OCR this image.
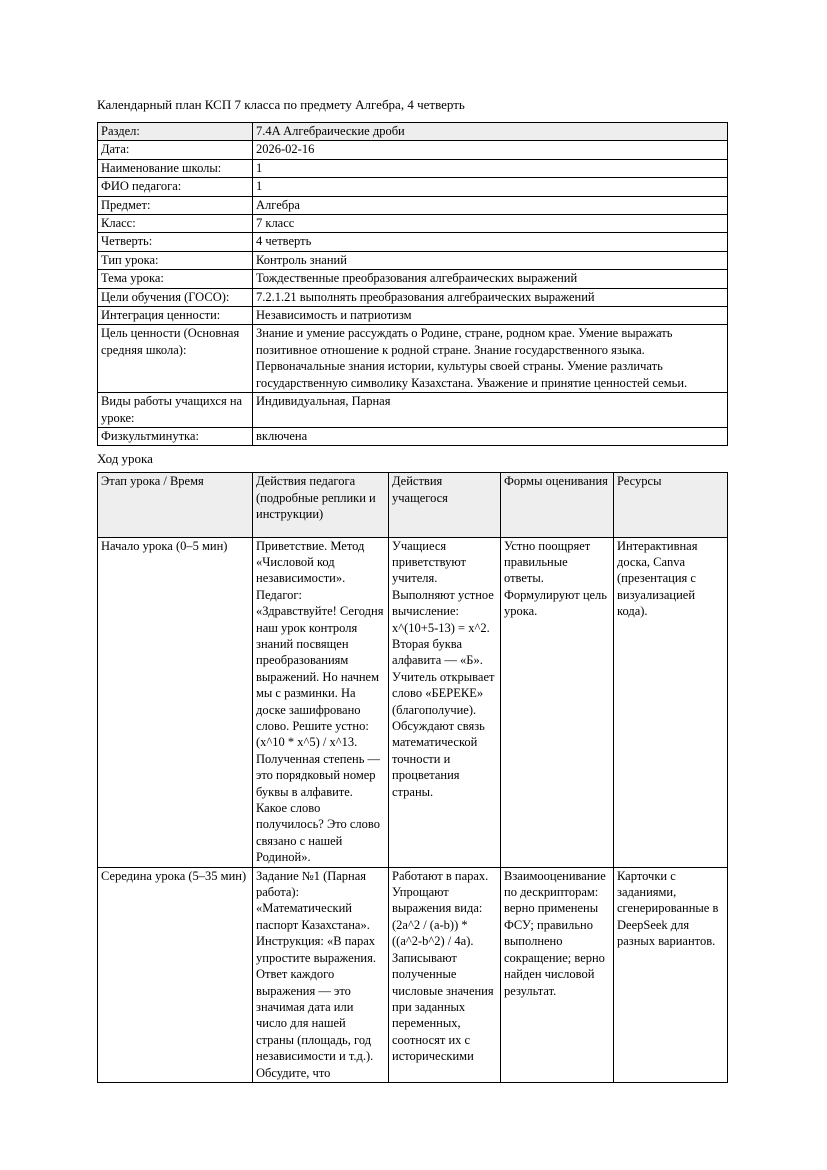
Календарный план КСП 7 класса по предмету Алгебра, 4 четверть
Раздел:	7.4A Алгебраические дроби
Дата:	2026-02-16
Наименование школы:	1
ФИО педагога:	1
Предмет:	Алгебра
Класс:	7 класс
Четверть:	4 четверть
Тип урока:	Контроль знаний
Тема урока:	Тождественные преобразования алгебраических выражений
Цели обучения (ГОСО):	7.2.1.21 выполнять преобразования алгебраических выражений
Интеграция ценности:	Независимость и патриотизм
Цель ценности (Основная средняя школа):	Знание и умение рассуждать о Родине, стране, родном крае. Умение выражать позитивное отношение к родной стране. Знание государственного языка. Первоначальные знания истории, культуры своей страны. Умение различать государственную символику Казахстана. Уважение и принятие ценностей семьи.
Виды работы учащихся на уроке:	Индивидуальная, Парная
Физкультминутка:	включена
Ход урока
Этап урока / Время	Действия педагога (подробные реплики и инструкции)	Действия учащегося	Формы оценивания	Ресурсы
Начало урока (0–5 мин)	Приветствие. Метод «Числовой код независимости». Педагог: «Здравствуйте! Сегодня наш урок контроля знаний посвящен преобразованиям выражений. Но начнем мы с разминки. На доске зашифровано слово. Решите устно: (x^10 * x^5) / x^13. Полученная степень — это порядковый номер буквы в алфавите. Какое слово получилось? Это слово связано с нашей Родиной».	Учащиеся приветствуют учителя. Выполняют устное вычисление: x^(10+5-13) = x^2. Вторая буква алфавита — «Б». Учитель открывает слово «БЕРЕКЕ» (благополучие). Обсуждают связь математической точности и процветания страны.	Устно поощряет правильные ответы. Формулируют цель урока.	Интерактивная доска, Canva (презентация с визуализацией кода).
Середина урока (5–35 мин)	Задание №1 (Парная работа): «Математический паспорт Казахстана». Инструкция: «В парах упростите выражения. Ответ каждого выражения — это значимая дата или число для нашей страны (площадь, год независимости и т.д.). Обсудите, что	Работают в парах. Упрощают выражения вида: (2a^2 / (a-b)) * ((a^2-b^2) / 4a). Записывают полученные числовые значения при заданных переменных, соотносят их с историческими	Взаимооценивание по дескрипторам: верно применены ФСУ; правильно выполнено сокращение; верно найден числовой результат.	Карточки с заданиями, сгенерированные в DeepSeek для разных вариантов.
